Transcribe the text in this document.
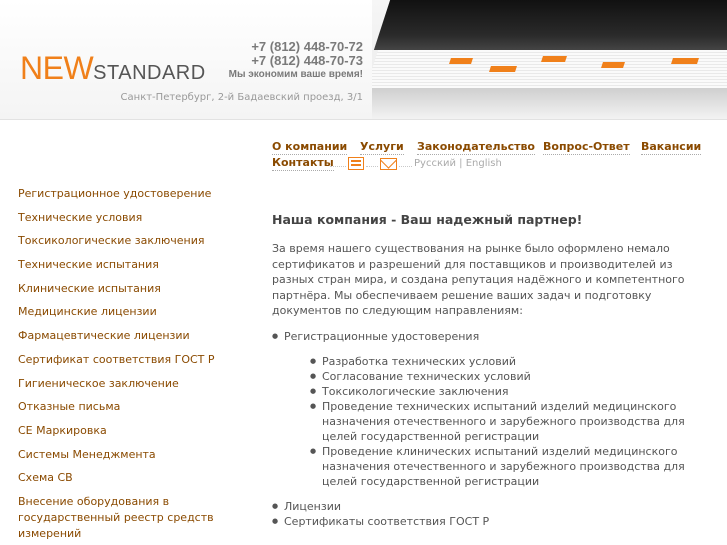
NEWSTANDARD
+7 (812) 448-70-72
+7 (812) 448-70-73
Мы экономим ваше время!
Санкт-Петербург, 2-й Бадаевский проезд, 3/1
О компании Услуги Законодательство Вопрос-Ответ Вакансии
Контакты	Русский | English
Регистрационное удостоверение
Технические условия
Токсикологические заключения
Технические испытания
Клинические испытания
Медицинские лицензии
Фармацевтические лицензии
Сертификат соответствия ГОСТ Р
Гигиеническое заключение
Отказные письма
CE Маркировка
Системы Менеджмента
Схема CB
Внесение оборудования в государственный реестр средств измерений
Наша компания - Ваш надежный партнер!

За время нашего существования на рынке было оформлено немало сертификатов и разрешений для поставщиков и производителей из разных стран мира, и создана репутация надёжного и компетентного партнёра. Мы обеспечиваем решение ваших задач и подготовку документов по следующим направлениям:

● Регистрационные удостоверения
● Разработка технических условий
● Согласование технических условий
● Токсикологические заключения
● Проведение технических испытаний изделий медицинского назначения отечественного и зарубежного производства для целей государственной регистрации
● Проведение клинических испытаний изделий медицинского назначения отечественного и зарубежного производства для целей государственной регистрации
● Лицензии
● Сертификаты соответствия ГОСТ Р
